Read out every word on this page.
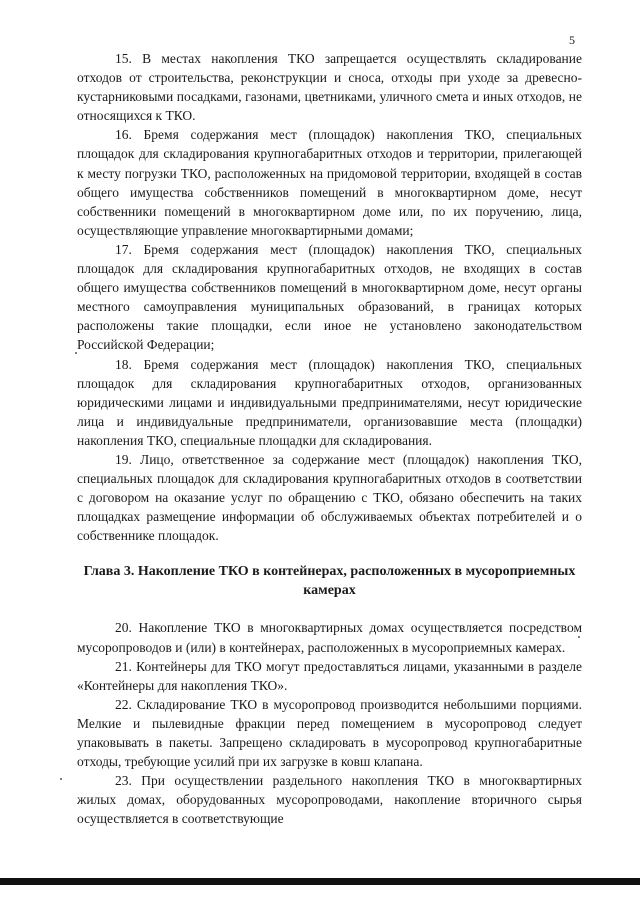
5

15. В местах накопления ТКО запрещается осуществлять складирование отходов от строительства, реконструкции и сноса, отходы при уходе за древесно-кустарниковыми посадками, газонами, цветниками, уличного смета и иных отходов, не относящихся к ТКО.

16. Бремя содержания мест (площадок) накопления ТКО, специальных площадок для складирования крупногабаритных отходов и территории, прилегающей к месту погрузки ТКО, расположенных на придомовой территории, входящей в состав общего имущества собственников помещений в многоквартирном доме, несут собственники помещений в многоквартирном доме или, по их поручению, лица, осуществляющие управление многоквартирными домами;

17. Бремя содержания мест (площадок) накопления ТКО, специальных площадок для складирования крупногабаритных отходов, не входящих в состав общего имущества собственников помещений в многоквартирном доме, несут органы местного самоуправления муниципальных образований, в границах которых расположены такие площадки, если иное не установлено законодательством Российской Федерации;

18. Бремя содержания мест (площадок) накопления ТКО, специальных площадок для складирования крупногабаритных отходов, организованных юридическими лицами и индивидуальными предпринимателями, несут юридические лица и индивидуальные предприниматели, организовавшие места (площадки) накопления ТКО, специальные площадки для складирования.

19. Лицо, ответственное за содержание мест (площадок) накопления ТКО, специальных площадок для складирования крупногабаритных отходов в соответствии с договором на оказание услуг по обращению с ТКО, обязано обеспечить на таких площадках размещение информации об обслуживаемых объектах потребителей и о собственнике площадок.

Глава 3. Накопление ТКО в контейнерах, расположенных в мусороприемных камерах

20. Накопление ТКО в многоквартирных домах осуществляется посредством мусоропроводов и (или) в контейнерах, расположенных в мусороприемных камерах.

21. Контейнеры для ТКО могут предоставляться лицами, указанными в разделе «Контейнеры для накопления ТКО».

22. Складирование ТКО в мусоропровод производится небольшими порциями. Мелкие и пылевидные фракции перед помещением в мусоропровод следует упаковывать в пакеты. Запрещено складировать в мусоропровод крупногабаритные отходы, требующие усилий при их загрузке в ковш клапана.

23. При осуществлении раздельного накопления ТКО в многоквартирных жилых домах, оборудованных мусоропроводами, накопление вторичного сырья осуществляется в соответствующие
